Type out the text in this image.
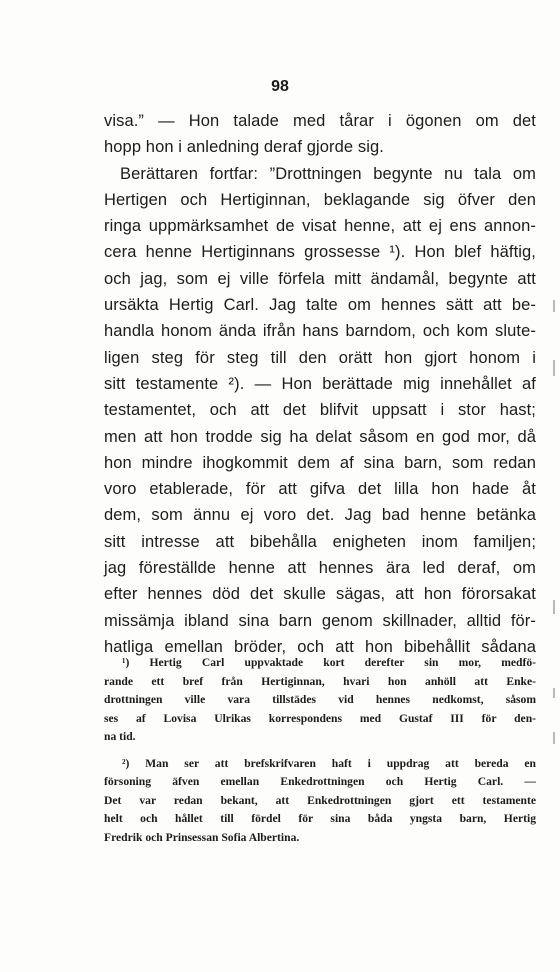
98
visa.” — Hon talade med tårar i ögonen om det
hopp hon i anledning deraf gjorde sig.
Berättaren fortfar: ”Drottningen begynte nu tala om
Hertigen och Hertiginnan, beklagande sig öfver den
ringa uppmärksamhet de visat henne, att ej ens annon-
cera henne Hertiginnans grossesse ¹). Hon blef häftig,
och jag, som ej ville förfela mitt ändamål, begynte att
ursäkta Hertig Carl. Jag talte om hennes sätt att be-
handla honom ända ifrån hans barndom, och kom slute-
ligen steg för steg till den orätt hon gjort honom i
sitt testamente ²). — Hon berättade mig innehållet af
testamentet, och att det blifvit uppsatt i stor hast;
men att hon trodde sig ha delat såsom en god mor, då
hon mindre ihogkommit dem af sina barn, som redan
voro etablerade, för att gifva det lilla hon hade åt
dem, som ännu ej voro det. Jag bad henne betänka
sitt intresse att bibehålla enigheten inom familjen;
jag föreställde henne att hennes ära led deraf, om
efter hennes död det skulle sägas, att hon förorsakat
missämja ibland sina barn genom skillnader, alltid för-
hatliga emellan bröder, och att hon bibehållit sådana
¹) Hertig Carl uppvaktade kort derefter sin mor, medfö-
rande ett bref från Hertiginnan, hvari hon anhöll att Enke-
drottningen ville vara tillstädes vid hennes nedkomst, såsom
ses af Lovisa Ulrikas korrespondens med Gustaf III för den-
na tid.
²) Man ser att brefskrifvaren haft i uppdrag att bereda en
försoning äfven emellan Enkedrottningen och Hertig Carl. —
Det var redan bekant, att Enkedrottningen gjort ett testamente
helt och hållet till fördel för sina båda yngsta barn, Hertig
Fredrik och Prinsessan Sofia Albertina.
